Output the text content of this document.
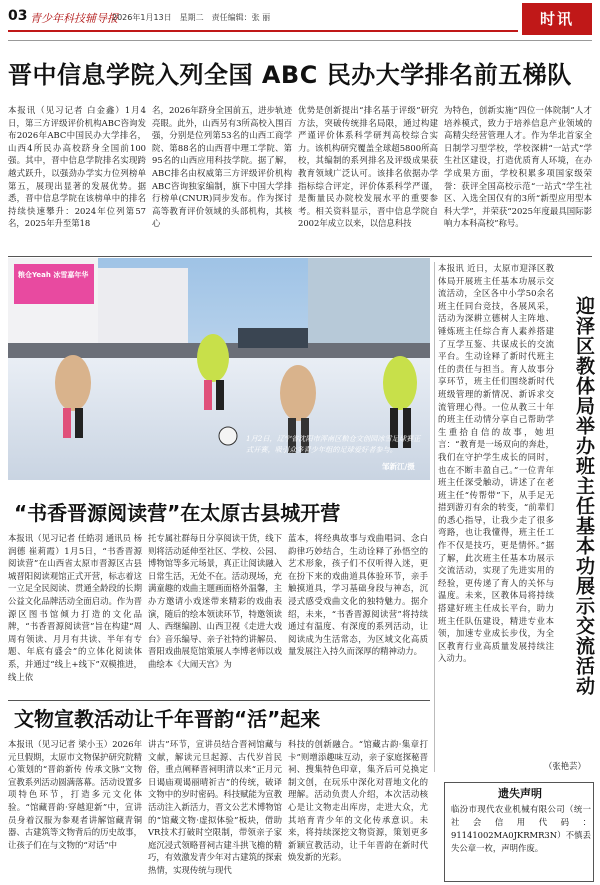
03 青少年科技辅导报
2026年1月13日　星期二　责任编辑：张 丽	时讯
晋中信息学院入列全国 ABC 民办大学排名前五梯队
本报讯（见习记者 白金鑫）1月4日，第三方评级评价机构ABC咨询发布2026年ABC中国民办大学排名，山西4所民办高校跻身全国前100强。其中，晋中信息学院排名实现跨越式跃升，以强劲办学实力位列榜单第五，展现出显著的发展优势。据悉，晋中信息学院在该榜单中的排名持续快速攀升：2024年位列第57名，2025年升至第18
名，2026年跻身全国前五，进步轨迹亮眼。此外，山西另有3所高校入围百强，分别是位列第53名的山西工商学院、第88名的山西晋中理工学院、第95名的山西应用科技学院。据了解，ABC排名由权威第三方评级评价机构ABC咨询独家编制，旗下中国大学排行榜单(CNUR)同步发布。作为探讨高等教育评价领域的头部机构，其核心
优势是创新提出“排名基于评级”研究方法，突破传统排名局限，通过构建严谨评价体系科学研判高校综合实力。该机构研究覆盖全球超5800所高校，其编制的系列排名及评级成果获教育领域广泛认可。该排名依据办学指标综合评定，评价体系科学严谨，是衡量民办院校发展水平的重要参考。相关资料显示，晋中信息学院自2002年成立以来，以信息科技
为特色，创新实施“四位一体院制”人才培养模式，致力于培养信息产业领域的高精尖经营管理人才。作为华北首家全日制学习型学校，学校深耕“一站式”学生社区建设，打造优质育人环境，在办学成果方面，学校积累多项国家级荣誉：获评全国高校示范“一站式”学生社区、入选全国仅有的3所“新型应用型本科大学”，并荣获“2025年度最具国际影响力本科高校”称号。
粮仓Yeah 冰雪嘉年华
1月2日，辽宁省沈阳市浑南区粮仓文创园冰雪足球赛正式开赛，吸引众多青少年组的足球爱好者参与。
邹新江/摄
本报讯 近日，太原市迎泽区教体局开展班主任基本功展示交流活动，全区各中小学50余名班主任同台竞技，各展风采，活动为深耕立德树人主阵地、锤炼班主任综合育人素养搭建了互学互鉴、共谋成长的交流平台。生动诠释了新时代班主任的责任与担当。育人故事分享环节，班主任们围绕新时代班级管理的新情况、新诉求交流管理心得。一位从教三十年的班主任动情分享自己帮助学生重拾自信的故事，她坦言：“教育是一场双向的奔赴，我们在守护学生成长的同时，也在不断丰盈自己。”一位青年班主任深受触动，讲述了在老班主任“传帮带”下，从手足无措到游刃有余的转变，“前辈们的悉心指导，让我少走了很多弯路，也让我懂得，班主任工作不仅是技巧，更是情怀。”据了解，此次班主任基本功展示交流活动，实现了先进实用的经验，更传递了育人的关怀与温度。未来，区教体局将持续搭建好班主任成长平台，助力班主任队伍建设，精进专业本领，加速专业成长步伐，为全区教育行业高质量发展持续注入动力。	迎泽区教体局举办班主任基本功展示交流活动
（张艳芸）
“书香晋源阅读营”在太原古县城开营
本报讯（见习记者 任皓羽 通讯员 杨润德 崔莉霞）1月5日，“书香晋源阅读营”在山西省太原市晋源区古县城晋阳阅读观馆正式开营，标志着这一立足全民阅读、贯通全龄段的长期公益文化品牌活动全面启动。作为晋源区图书馆倾力打造的文化品牌，“书香晋源阅读营”旨在构建“周周有领读、月月有共读、半年有专题、年底有盛会”的立体化阅读体系，并通过“线上+线下”双模推进，线上依
托专属社群每日分享阅读干货，线下则将活动延伸至社区、学校、公园、博物馆等多元场景，真正让阅读融入日常生活，无处不在。活动现场，充满童趣的戏曲主题画面格外温馨，主办方邀请小戏迷带来精彩的戏曲表演，随后的绘本领读环节，特邀领读人、西继编剧、山西卫视《走进大戏台》音乐编导、亲子社特约讲解员、晋阳戏曲展览馆策展人李博老师以戏曲绘本《大闹天宫》为
蓝本，将经典故事与戏曲唱词、念白韵律巧妙结合，生动诠释了孙悟空的艺术形象，孩子们不仅听得入迷，更在扮下来的戏曲道具体验环节，亲手触摸道具，学习基础身段与神态，沉浸式感受戏曲文化的独特魅力。据介绍，未来，“书香晋源阅读营”将持续通过有温度、有深度的系列活动，让阅读成为生活常态，为区域文化高质量发展注入持久而深厚的精神动力。
文物宣教活动让千年晋韵“活”起来
本报讯（见习记者 梁小玉）2026年元旦假期，太原市文物保护研究院精心策划的“晋韵新传 传承文脉”文物宣教系列活动圆满落幕。活动设置多项特色环节，打造多元文化体验。“馆藏晋韵·穿越迎新”中，宣讲员身着汉服为参观者讲解馆藏青铜器、古建筑等文物背后的历史故事，让孩子们在与文物的“对话”中
讲古”环节，宣讲员结合晋祠馆藏与文献，解读元旦起源、古代岁首民俗，重点阐释晋祠明清以来“正月元日谒庙观谒丽晴祈吉”的传统，破译文物中的岁时密码。科技赋能为宣教活动注入新活力，晋文公艺术博物馆的“馆藏文物·虚拟体验”板块，借助VR技术打破时空限制，带领亲子家庭沉浸式领略晋祠古建斗拱飞檐的精巧，有效激发青少年对古建筑的探索热情，实现传统与现代
科技的创新融合。“馆藏古韵·集章打卡”则增添趣味互动，亲子家庭探秘晋祠、搜集特色印章，集齐后可兑换定制文创，在玩乐中深化对晋地文化的理解。活动负责人介绍，本次活动核心是让文物走出库房，走进大众，尤其培育青少年的文化传承意识。未来，将持续深挖文物资源，策划更多新颖宣教活动，让千年晋韵在新时代焕发新的光彩。
遗失声明
临汾市现代农业机械有限公司（统一社会信用代码：91141002MA0JKRMR3N）不慎丢失公章一枚，声明作废。
